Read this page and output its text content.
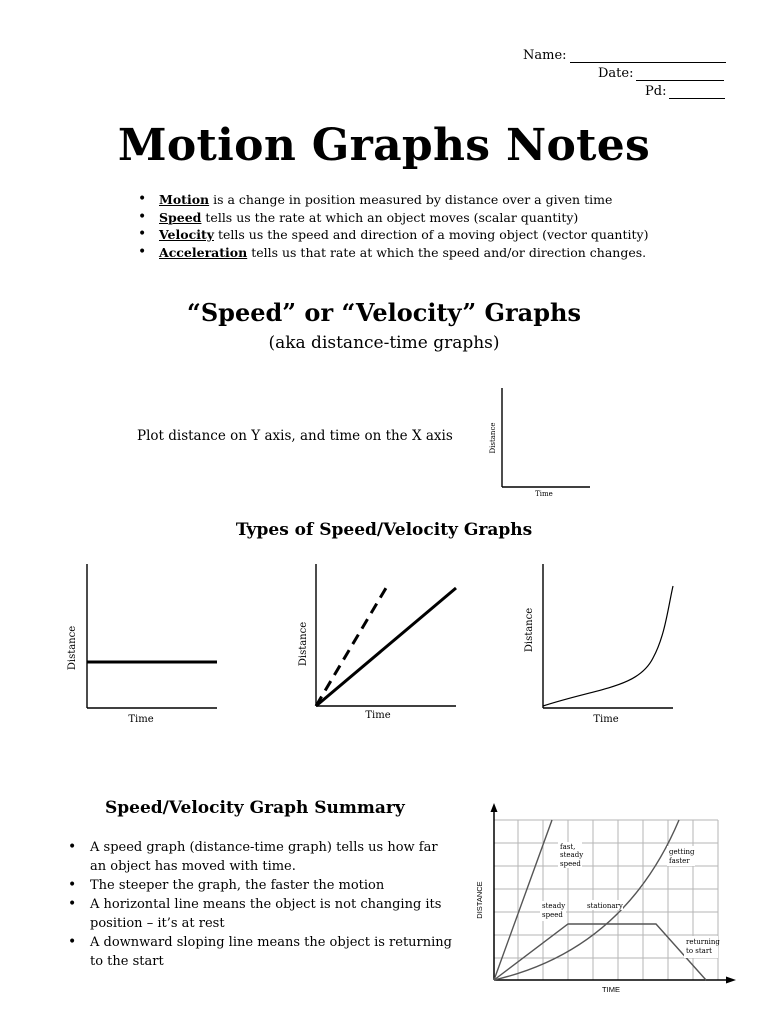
Name:
Date:
Pd:
Motion Graphs Notes
• Motion is a change in position measured by distance over a given time
• Speed tells us the rate at which an object moves (scalar quantity)
• Velocity tells us the speed and direction of a moving object (vector quantity)
• Acceleration tells us that rate at which the speed and/or direction changes.
“Speed” or “Velocity” Graphs
(aka distance-time graphs)
Plot distance on Y axis, and time on the X axis	Distance
Time
Types of Speed/Velocity Graphs
Distance
Time
Distance
Time
Distance
Time
Speed/Velocity Graph Summary
• A speed graph (distance-time graph) tells us how far an object has moved with time.
• The steeper the graph, the faster the motion
• A horizontal line means the object is not changing its position – it’s at rest
• A downward sloping line means the object is returning to the start
DISTANCE
TIME
fast,
steady
speed
getting
faster
steady
speed
stationary
returning
to start
